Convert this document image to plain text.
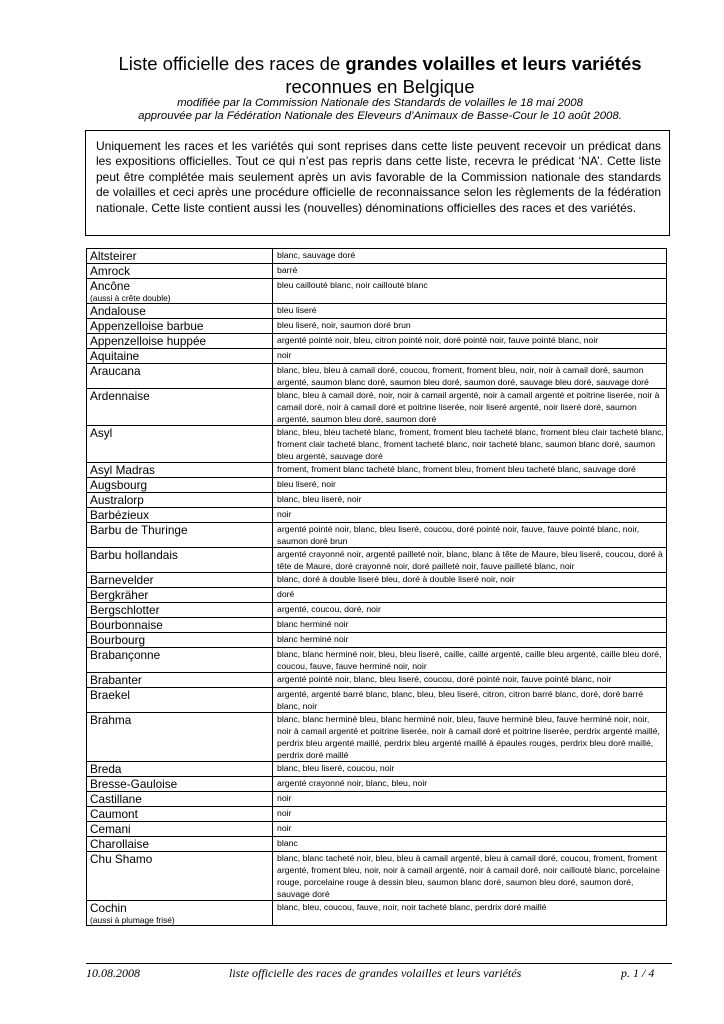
Liste officielle des races de grandes volailles et leurs variétés
reconnues en Belgique
modifiée par la Commission Nationale des Standards de volailles le 18 mai 2008
approuvée par la Fédération Nationale des Eleveurs d’Animaux de Basse-Cour le 10 août 2008.
Uniquement les races et les variétés qui sont reprises dans cette liste peuvent recevoir un prédicat dans les expositions officielles. Tout ce qui n’est pas repris dans cette liste, recevra le prédicat ‘NA’. Cette liste peut être complétée mais seulement après un avis favorable de la Commission nationale des standards de volailles et ceci après une procédure officielle de reconnaissance selon les règlements de la fédération nationale. Cette liste contient aussi les (nouvelles) dénominations officielles des races et des variétés.
Altsteirer	blanc, sauvage doré
Amrock	barré
Ancône
(aussi à crête double)	bleu caillouté blanc, noir caillouté blanc
Andalouse	bleu liseré
Appenzelloise barbue	bleu liseré, noir, saumon doré brun
Appenzelloise huppée	argenté pointé noir, bleu, citron pointé noir, doré pointé noir, fauve pointé blanc, noir
Aquitaine	noir
Araucana	blanc, bleu, bleu à camail doré, coucou, froment, froment bleu, noir, noir à camail doré, saumon argenté, saumon blanc doré, saumon bleu doré, saumon doré, sauvage bleu doré, sauvage doré
Ardennaise	blanc, bleu à camail doré, noir, noir à camail argenté, noir à camail argenté et poitrine liserée, noir à camail doré, noir à camail doré et poitrine liserée, noir liseré argenté, noir liseré doré, saumon argenté, saumon bleu doré, saumon doré
Asyl	blanc, bleu, bleu tacheté blanc, froment, froment bleu tacheté blanc, froment bleu clair tacheté blanc, froment clair tacheté blanc, froment tacheté blanc, noir tacheté blanc, saumon blanc doré, saumon bleu argenté, sauvage doré
Asyl Madras	froment, froment blanc tacheté blanc, froment bleu, froment bleu tacheté blanc, sauvage doré
Augsbourg	bleu liseré, noir
Australorp	blanc, bleu liseré, noir
Barbézieux	noir
Barbu de Thuringe	argenté pointé noir, blanc, bleu liseré, coucou, doré pointé noir, fauve, fauve pointé blanc, noir, saumon doré brun
Barbu hollandais	argenté crayonné noir, argenté pailleté noir, blanc, blanc à tête de Maure, bleu liseré, coucou, doré à tête de Maure, doré crayonné noir, doré pailleté noir, fauve pailleté blanc, noir
Barnevelder	blanc, doré à double liseré bleu, doré à double liseré noir, noir
Bergkräher	doré
Bergschlotter	argenté, coucou, doré, noir
Bourbonnaise	blanc herminé noir
Bourbourg	blanc herminé noir
Brabançonne	blanc, blanc herminé noir, bleu, bleu liseré, caille, caille argenté, caille bleu argenté, caille bleu doré, coucou, fauve, fauve herminé noir, noir
Brabanter	argenté pointé noir, blanc, bleu liseré, coucou, doré pointé noir, fauve pointé blanc, noir
Braekel	argenté, argenté barré blanc, blanc, bleu, bleu liseré, citron, citron barré blanc, doré, doré barré blanc, noir
Brahma	blanc, blanc herminé bleu, blanc herminé noir, bleu, fauve herminé bleu, fauve herminé noir, noir, noir à camail argenté et poitrine liserée, noir à camail doré et poitrine liserée, perdrix argenté maillé, perdrix bleu argenté maillé, perdrix bleu argenté maillé à épaules rouges, perdrix bleu doré maillé, perdrix doré maillé
Breda	blanc, bleu liseré, coucou, noir
Bresse-Gauloise	argenté crayonné noir, blanc, bleu, noir
Castillane	noir
Caumont	noir
Cemani	noir
Charollaise	blanc
Chu Shamo	blanc, blanc tacheté noir, bleu, bleu à camail argenté, bleu à camail doré, coucou, froment, froment argenté, froment bleu, noir, noir à camail argenté, noir à camail doré, noir caillouté blanc, porcelaine rouge, porcelaine rouge à dessin bleu, saumon blanc doré, saumon bleu doré, saumon doré, sauvage doré
Cochin
(aussi à plumage frisé)	blanc, bleu, coucou, fauve, noir, noir tacheté blanc, perdrix doré maillé
10.08.2008	liste officielle des races de grandes volailles et leurs variétés	p. 1 / 4
